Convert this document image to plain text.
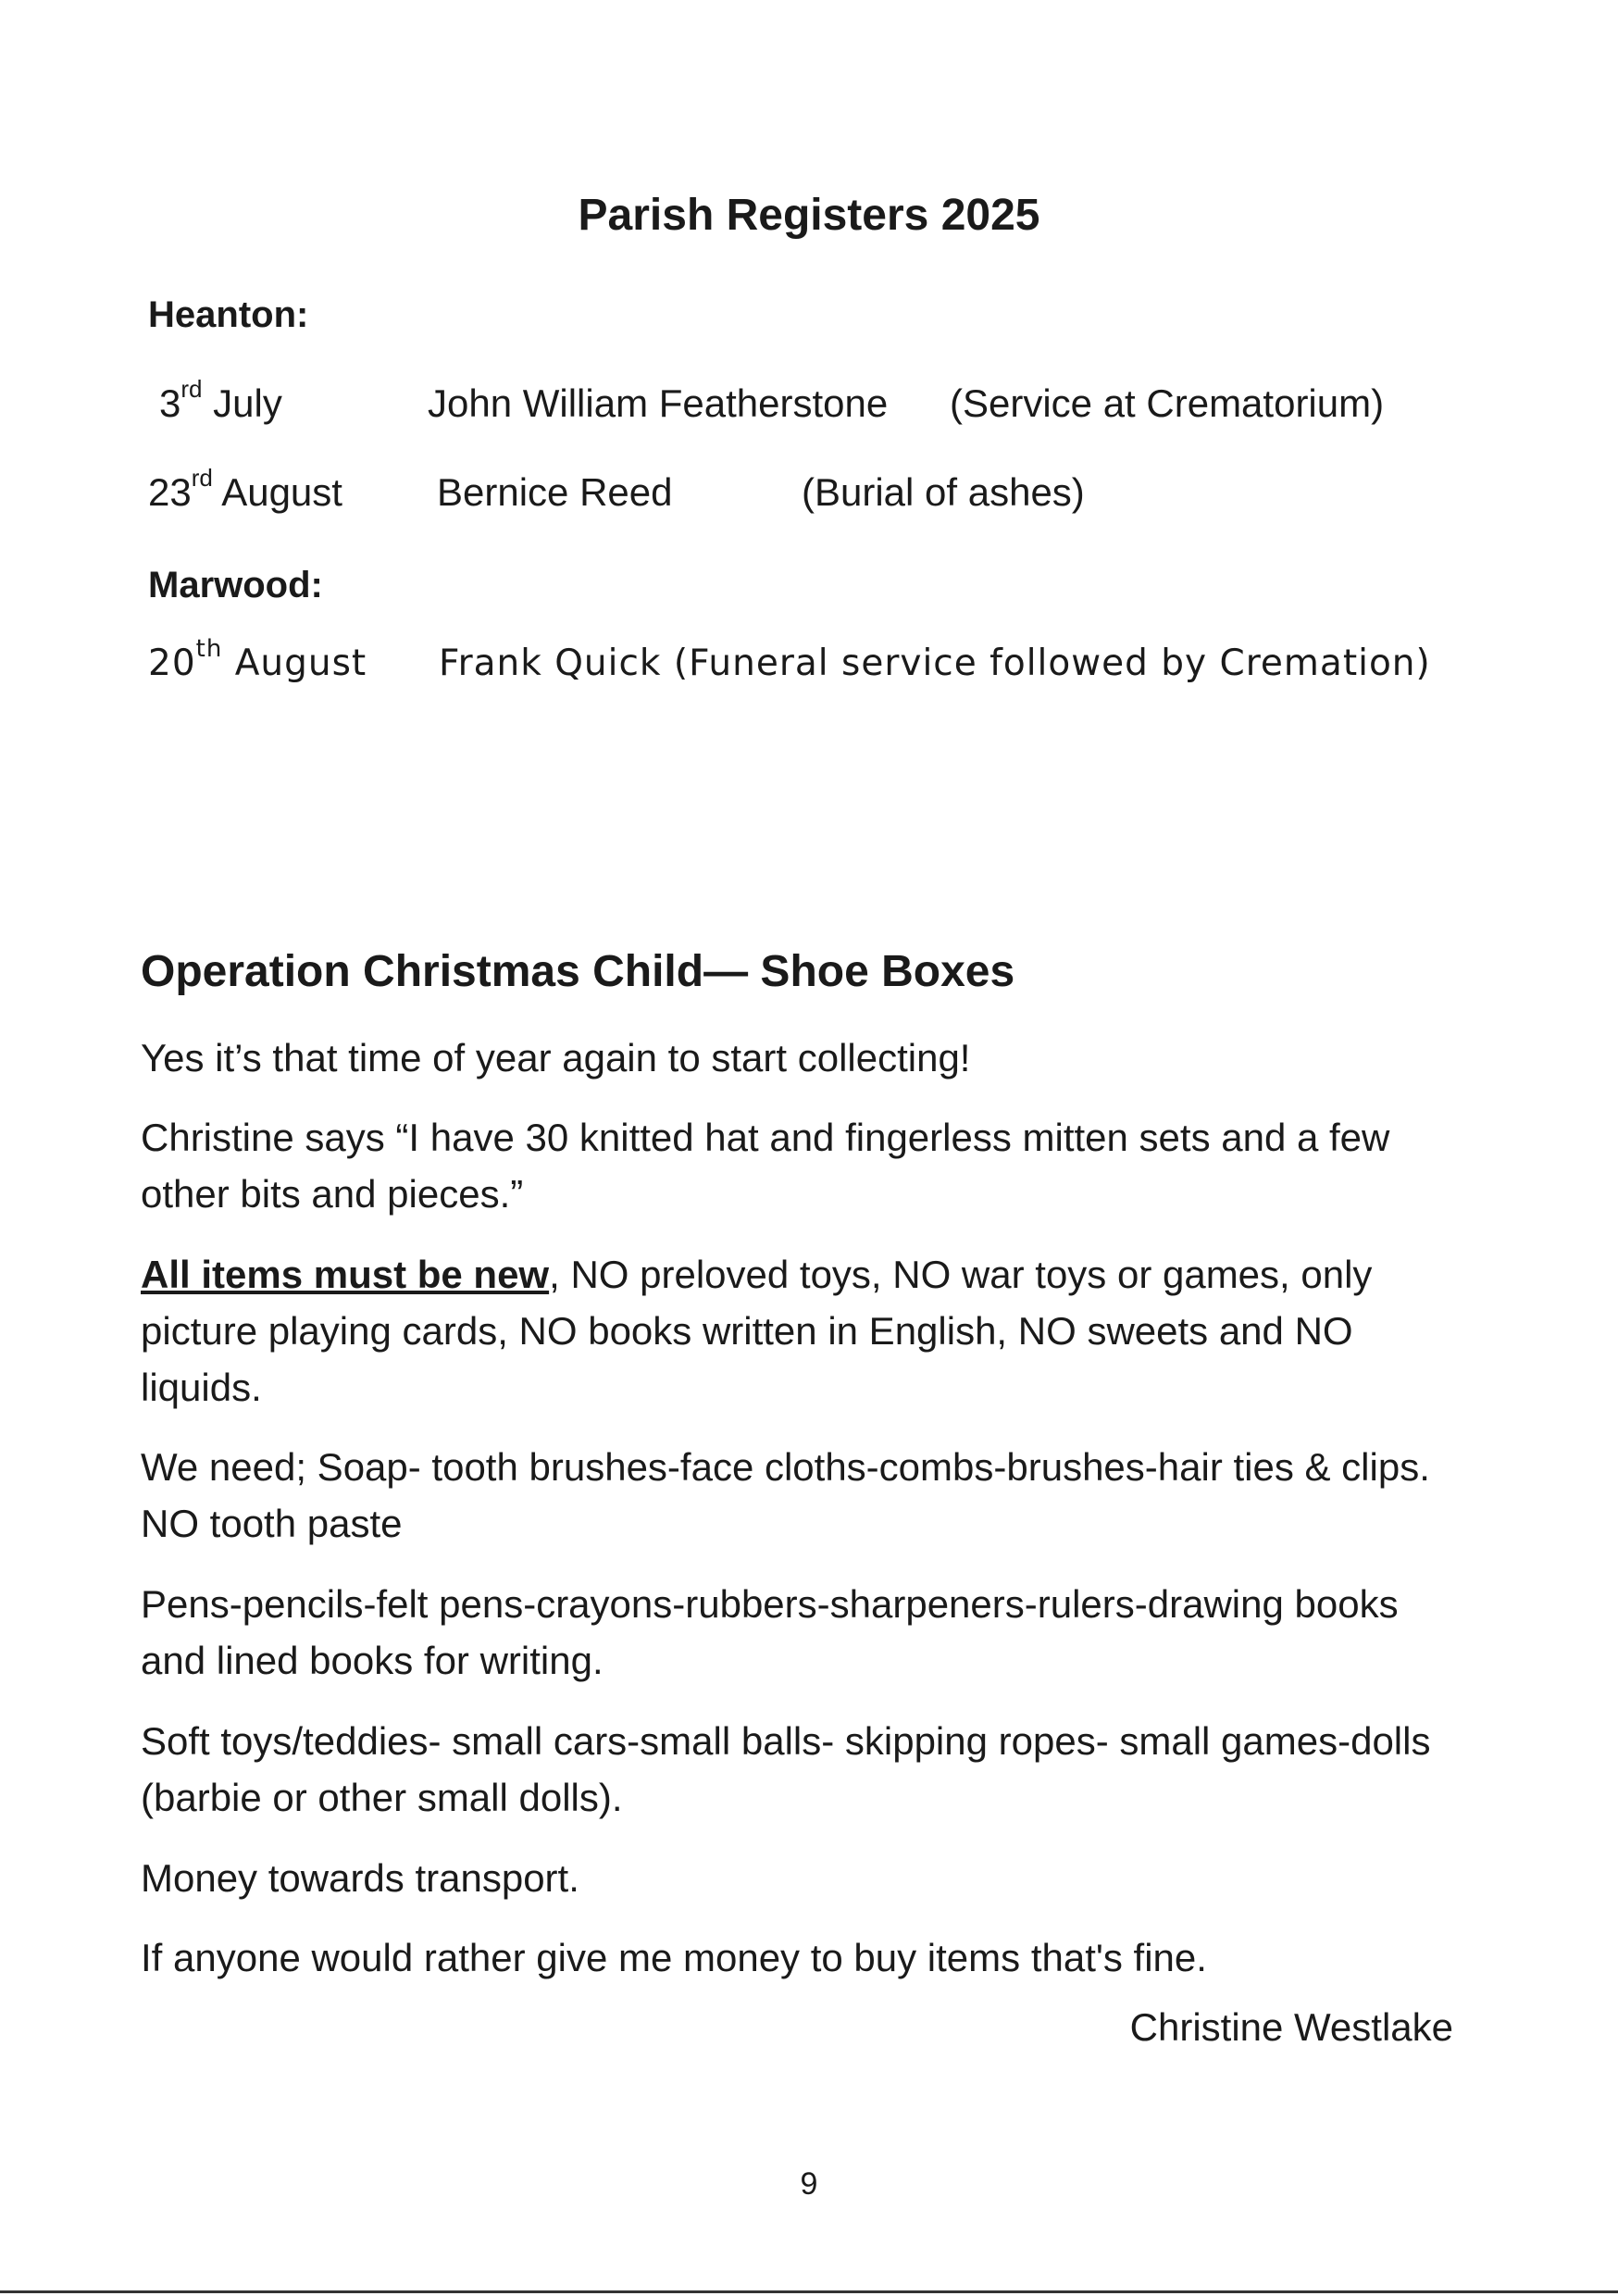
Parish Registers 2025
Heanton:
3rd July	John William Featherstone (Service at Crematorium)
23rd August Bernice Reed	(Burial of ashes)
Marwood:
20th August Frank Quick (Funeral service followed by Cremation)
Operation Christmas Child— Shoe Boxes
Yes it’s that time of year again to start collecting!
Christine says “I have 30 knitted hat and fingerless mitten sets and a few other bits and pieces.”
All items must be new, NO preloved toys, NO war toys or games, only picture playing cards, NO books written in English, NO sweets and NO liquids.
We need; Soap- tooth brushes-face cloths-combs-brushes-hair ties & clips. NO tooth paste
Pens-pencils-felt pens-crayons-rubbers-sharpeners-rulers-drawing books and lined books for writing.
Soft toys/teddies- small cars-small balls- skipping ropes- small games-dolls (barbie or other small dolls).
Money towards transport.
If anyone would rather give me money to buy items that's fine.
Christine Westlake
9
